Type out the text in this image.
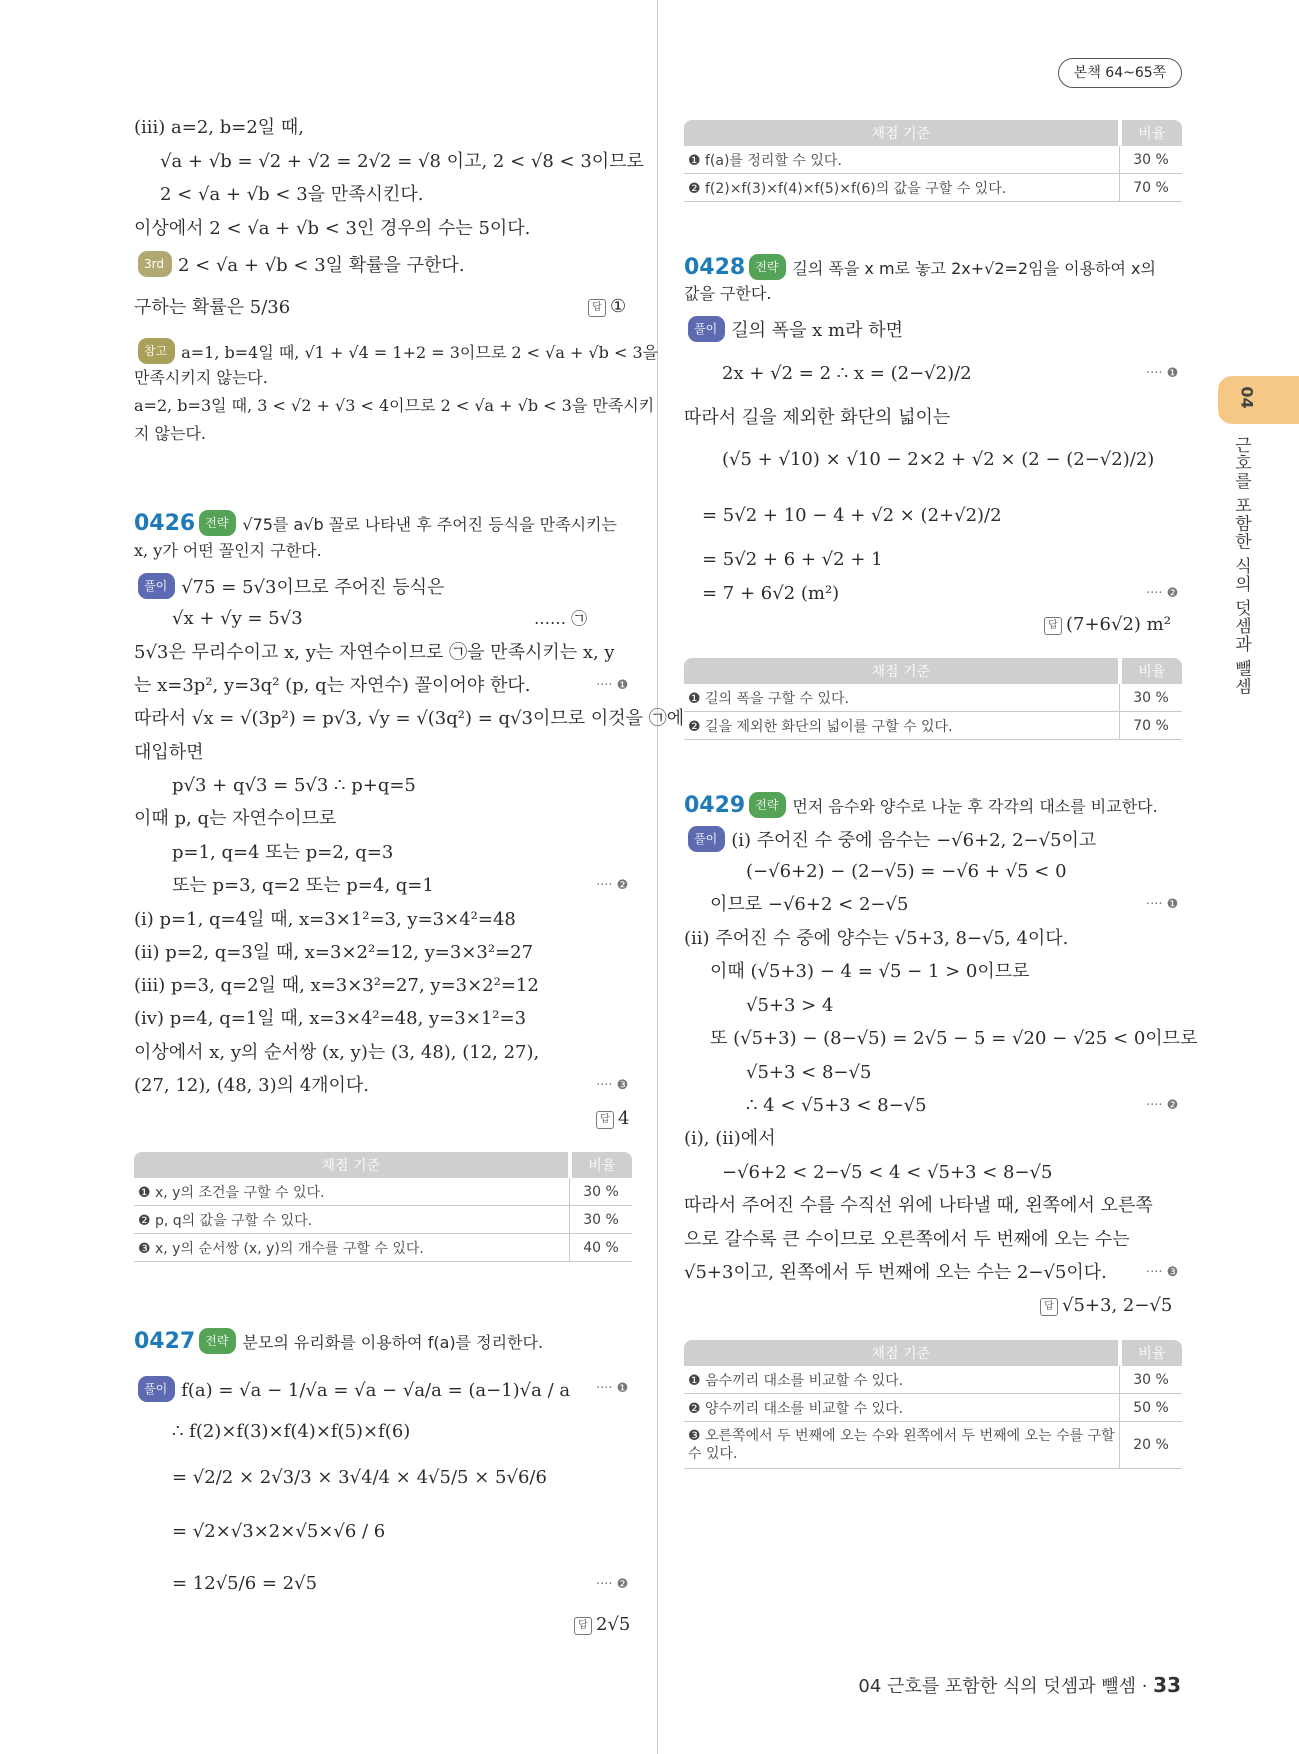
본책 64~65쪽
04
근호를 포함한 식의 덧셈과 뺄셈
(iii) a=2, b=2일 때,
√a + √b = √2 + √2 = 2√2 = √8 이고, 2 < √8 < 3이므로
2 < √a + √b < 3을 만족시킨다.
이상에서 2 < √a + √b < 3인 경우의 수는 5이다.
3rd 2 < √a + √b < 3일 확률을 구한다.
구하는 확률은 5/36	답 ①
참고 a=1, b=4일 때, √1 + √4 = 1+2 = 3이므로 2 < √a + √b < 3을
만족시키지 않는다.
a=2, b=3일 때, 3 < √2 + √3 < 4이므로 2 < √a + √b < 3을 만족시키
지 않는다.
0426 전략 √75를 a√b 꼴로 나타낸 후 주어진 등식을 만족시키는
x, y가 어떤 꼴인지 구한다.
풀이 √75 = 5√3이므로 주어진 등식은
√x + √y = 5√3	…… ㉠
5√3은 무리수이고 x, y는 자연수이므로 ㉠을 만족시키는 x, y
는 x=3p², y=3q² (p, q는 자연수) 꼴이어야 한다.	···· ❶
따라서 √x = √(3p²) = p√3, √y = √(3q²) = q√3이므로 이것을 ㉠에
대입하면
p√3 + q√3 = 5√3 ∴ p+q=5
이때 p, q는 자연수이므로
p=1, q=4 또는 p=2, q=3
또는 p=3, q=2 또는 p=4, q=1	···· ❷
(i) p=1, q=4일 때, x=3×1²=3, y=3×4²=48
(ii) p=2, q=3일 때, x=3×2²=12, y=3×3²=27
(iii) p=3, q=2일 때, x=3×3²=27, y=3×2²=12
(iv) p=4, q=1일 때, x=3×4²=48, y=3×1²=3
이상에서 x, y의 순서쌍 (x, y)는 (3, 48), (12, 27),
(27, 12), (48, 3)의 4개이다.	···· ❸
답 4
채점 기준	비율
❶ x, y의 조건을 구할 수 있다.	30 %
❷ p, q의 값을 구할 수 있다.	30 %
❸ x, y의 순서쌍 (x, y)의 개수를 구할 수 있다.	40 %
0427 전략 분모의 유리화를 이용하여 f(a)를 정리한다.
풀이 f(a) = √a − 1/√a = √a − √a/a = (a−1)√a / a ···· ❶
∴ f(2)×f(3)×f(4)×f(5)×f(6)
= √2/2 × 2√3/3 × 3√4/4 × 4√5/5 × 5√6/6
= √2×√3×2×√5×√6 / 6
= 12√5/6 = 2√5	···· ❷
답 2√5
채점 기준	비율
❶ f(a)를 정리할 수 있다.	30 %
❷ f(2)×f(3)×f(4)×f(5)×f(6)의 값을 구할 수 있다.	70 %
0428 전략 길의 폭을 x m로 놓고 2x+√2=2임을 이용하여 x의
값을 구한다.
풀이 길의 폭을 x m라 하면
2x + √2 = 2 ∴ x = (2−√2)/2	···· ❶
따라서 길을 제외한 화단의 넓이는
(√5 + √10) × √10 − 2×2 + √2 × (2 − (2−√2)/2)
= 5√2 + 10 − 4 + √2 × (2+√2)/2
= 5√2 + 6 + √2 + 1
= 7 + 6√2 (m²)	···· ❷
답 (7+6√2) m²
채점 기준	비율
❶ 길의 폭을 구할 수 있다.	30 %
❷ 길을 제외한 화단의 넓이를 구할 수 있다.	70 %
0429 전략 먼저 음수와 양수로 나눈 후 각각의 대소를 비교한다.
풀이 (i) 주어진 수 중에 음수는 −√6+2, 2−√5이고
(−√6+2) − (2−√5) = −√6 + √5 < 0
이므로 −√6+2 < 2−√5	···· ❶
(ii) 주어진 수 중에 양수는 √5+3, 8−√5, 4이다.
이때 (√5+3) − 4 = √5 − 1 > 0이므로
√5+3 > 4
또 (√5+3) − (8−√5) = 2√5 − 5 = √20 − √25 < 0이므로
√5+3 < 8−√5
∴ 4 < √5+3 < 8−√5	···· ❷
(i), (ii)에서
−√6+2 < 2−√5 < 4 < √5+3 < 8−√5
따라서 주어진 수를 수직선 위에 나타낼 때, 왼쪽에서 오른쪽
으로 갈수록 큰 수이므로 오른쪽에서 두 번째에 오는 수는
√5+3이고, 왼쪽에서 두 번째에 오는 수는 2−√5이다.	···· ❸
답 √5+3, 2−√5
채점 기준	비율
❶ 음수끼리 대소를 비교할 수 있다.	30 %
❷ 양수끼리 대소를 비교할 수 있다.	50 %
❸ 오른쪽에서 두 번째에 오는 수와 왼쪽에서 두 번째에 오는 수를 구할 수 있다.	20 %
04 근호를 포함한 식의 덧셈과 뺄셈 · 33
